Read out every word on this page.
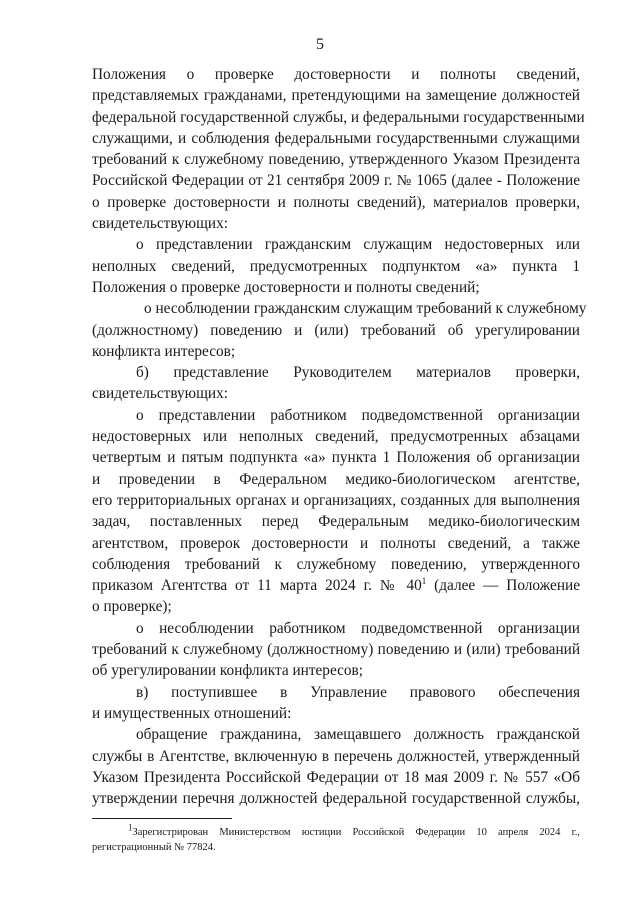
5
Положения о проверке достоверности и полноты сведений,
представляемых гражданами, претендующими на замещение должностей
федеральной государственной службы, и федеральными государственными
служащими, и соблюдения федеральными государственными служащими
требований к служебному поведению, утвержденного Указом Президента
Российской Федерации от 21 сентября 2009 г. № 1065 (далее - Положение
о проверке достоверности и полноты сведений), материалов проверки,
свидетельствующих:
о представлении гражданским служащим недостоверных или
неполных сведений, предусмотренных подпунктом «а» пункта 1
Положения о проверке достоверности и полноты сведений;
о несоблюдении гражданским служащим требований к служебному
(должностному) поведению и (или) требований об урегулировании
конфликта интересов;
б) представление Руководителем материалов проверки,
свидетельствующих:
о представлении работником подведомственной организации
недостоверных или неполных сведений, предусмотренных абзацами
четвертым и пятым подпункта «а» пункта 1 Положения об организации
и проведении в Федеральном медико-биологическом агентстве,
его территориальных органах и организациях, созданных для выполнения
задач, поставленных перед Федеральным медико-биологическим
агентством, проверок достоверности и полноты сведений, а также
соблюдения требований к служебному поведению, утвержденного
приказом Агентства от 11 марта 2024 г. № $40^1$ (далее — Положение
о проверке);
о несоблюдении работником подведомственной организации
требований к служебному (должностному) поведению и (или) требований
об урегулировании конфликта интересов;
в) поступившее в Управление правового обеспечения
и имущественных отношений:
обращение гражданина, замещавшего должность гражданской
службы в Агентстве, включенную в перечень должностей, утвержденный
Указом Президента Российской Федерации от 18 мая 2009 г. № 557 «Об
утверждении перечня должностей федеральной государственной службы,
1Зарегистрирован Министерством юстиции Российской Федерации 10 апреля 2024 г.,
регистрационный № 77824.
